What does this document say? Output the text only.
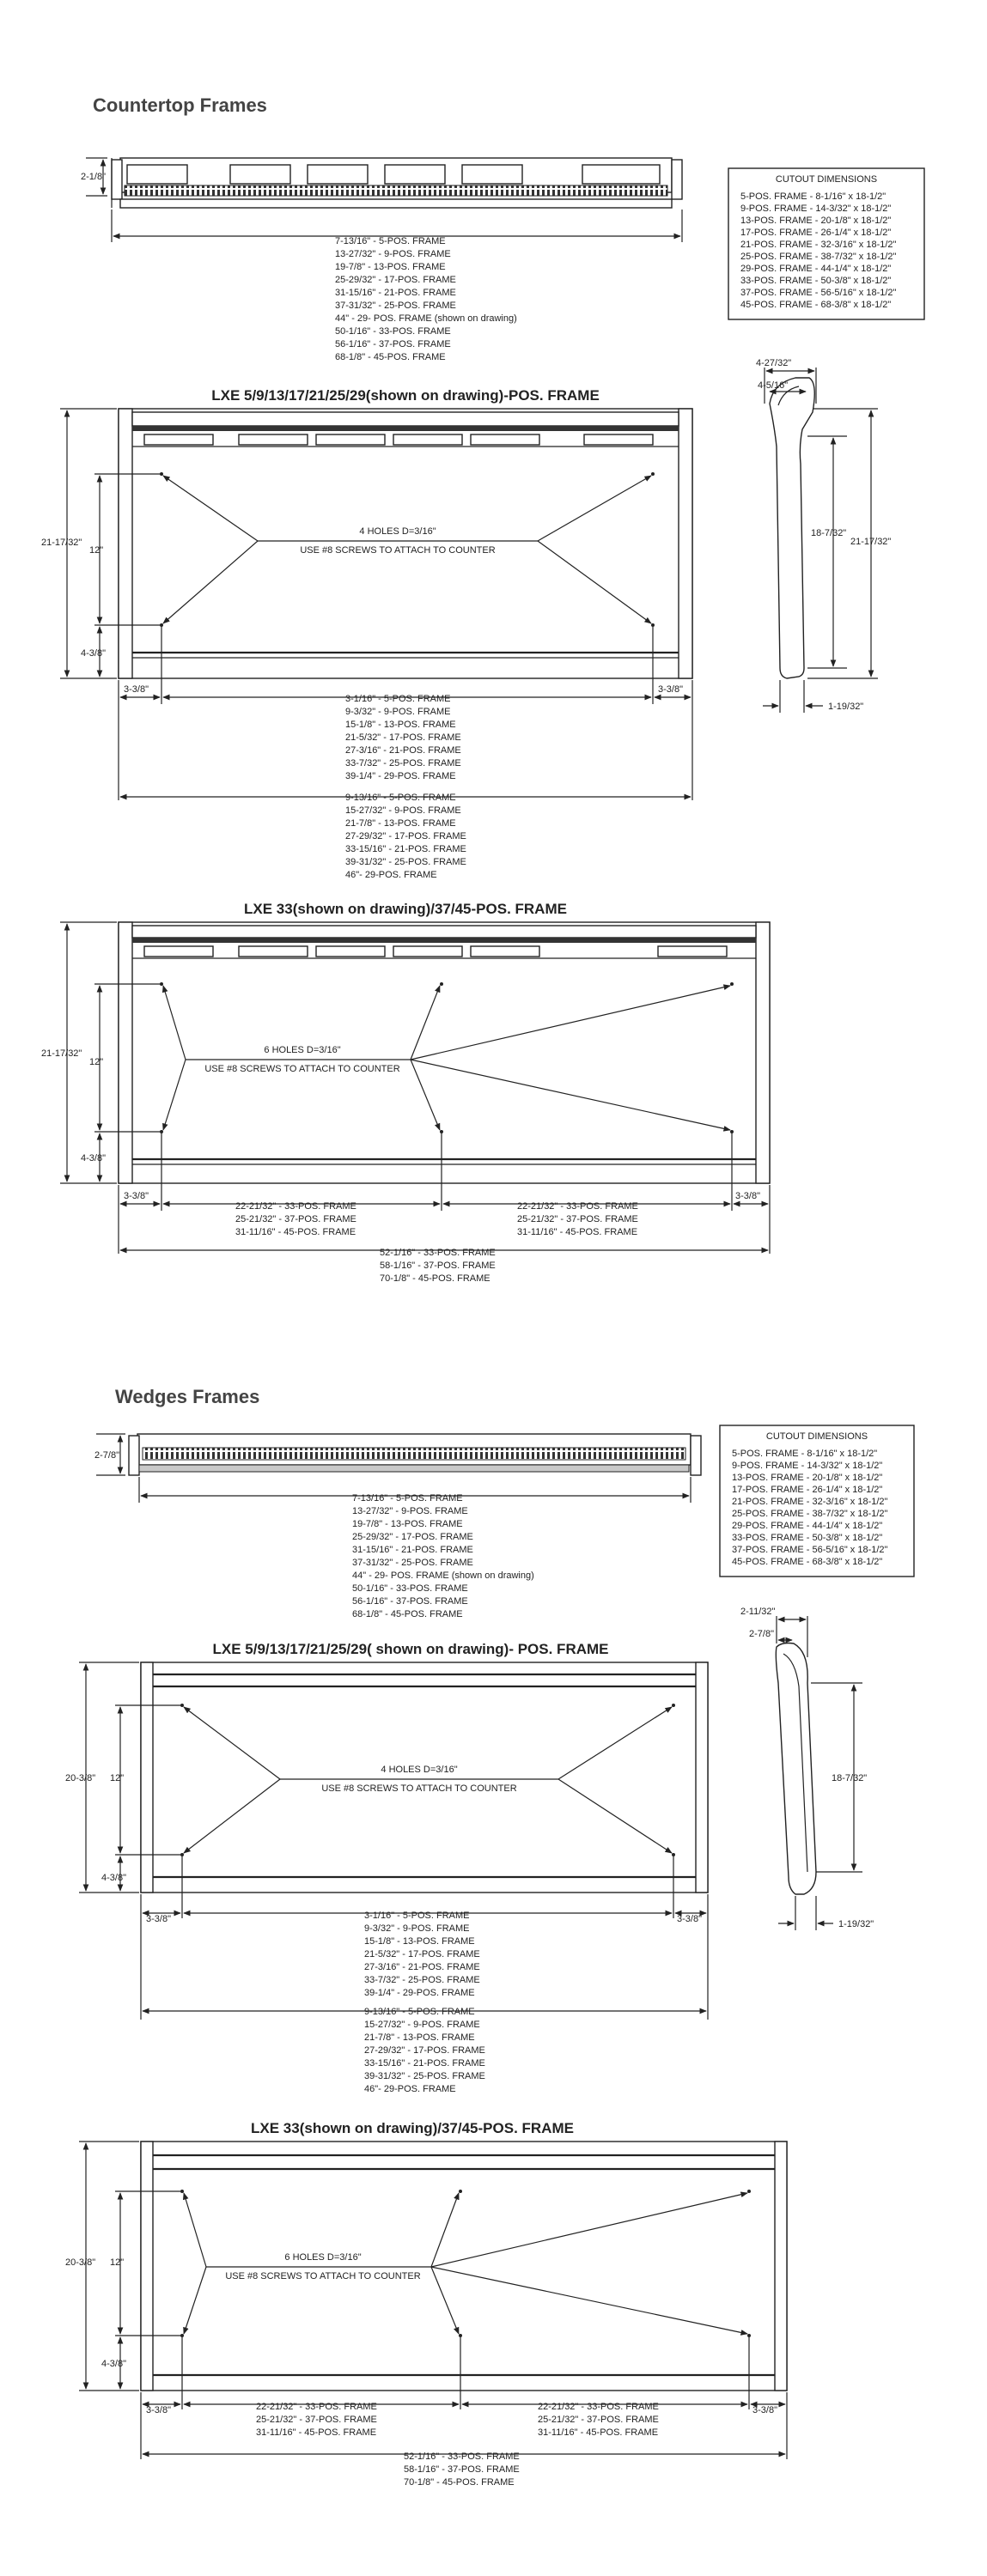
Countertop Frames
2-1/8"
7-13/16" - 5-POS. FRAME
13-27/32" - 9-POS. FRAME
19-7/8" - 13-POS. FRAME
25-29/32" - 17-POS. FRAME
31-15/16" - 21-POS. FRAME
37-31/32" - 25-POS. FRAME
44" - 29- POS. FRAME (shown on drawing)
50-1/16" - 33-POS. FRAME
56-1/16" - 37-POS. FRAME
68-1/8" - 45-POS. FRAME
CUTOUT DIMENSIONS
5-POS. FRAME - 8-1/16" x 18-1/2"
9-POS. FRAME - 14-3/32" x 18-1/2"
13-POS. FRAME - 20-1/8" x 18-1/2"
17-POS. FRAME - 26-1/4" x 18-1/2"
21-POS. FRAME - 32-3/16" x 18-1/2"
25-POS. FRAME - 38-7/32" x 18-1/2"
29-POS. FRAME - 44-1/4" x 18-1/2"
33-POS. FRAME - 50-3/8" x 18-1/2"
37-POS. FRAME - 56-5/16" x 18-1/2"
45-POS. FRAME - 68-3/8" x 18-1/2"
LXE 5/9/13/17/21/25/29(shown on drawing)-POS. FRAME
4 HOLES D=3/16"
USE #8 SCREWS TO ATTACH TO COUNTER
21-17/32"
12"
4-3/8"
3-3/8"	3-3/8"
3-1/16" - 5-POS. FRAME
9-3/32" - 9-POS. FRAME
15-1/8" - 13-POS. FRAME
21-5/32" - 17-POS. FRAME
27-3/16" - 21-POS. FRAME
33-7/32" - 25-POS. FRAME
39-1/4" - 29-POS. FRAME
9-13/16" - 5-POS. FRAME
15-27/32" - 9-POS. FRAME
21-7/8" - 13-POS. FRAME
27-29/32" - 17-POS. FRAME
33-15/16" - 21-POS. FRAME
39-31/32" - 25-POS. FRAME
46"- 29-POS. FRAME
4-27/32"
4-5/16"
18-7/32"
21-17/32"
1-19/32"
LXE 33(shown on drawing)/37/45-POS. FRAME
6 HOLES D=3/16"
USE #8 SCREWS TO ATTACH TO COUNTER
21-17/32"
12"
4-3/8"
3-3/8"	3-3/8"
22-21/32" - 33-POS. FRAME
25-21/32" - 37-POS. FRAME
31-11/16" - 45-POS. FRAME
22-21/32" - 33-POS. FRAME
25-21/32" - 37-POS. FRAME
31-11/16" - 45-POS. FRAME
52-1/16" - 33-POS. FRAME
58-1/16" - 37-POS. FRAME
70-1/8" - 45-POS. FRAME
Wedges Frames
2-7/8"
7-13/16" - 5-POS. FRAME
13-27/32" - 9-POS. FRAME
19-7/8" - 13-POS. FRAME
25-29/32" - 17-POS. FRAME
31-15/16" - 21-POS. FRAME
37-31/32" - 25-POS. FRAME
44" - 29- POS. FRAME (shown on drawing)
50-1/16" - 33-POS. FRAME
56-1/16" - 37-POS. FRAME
68-1/8" - 45-POS. FRAME
CUTOUT DIMENSIONS
5-POS. FRAME - 8-1/16" x 18-1/2"
9-POS. FRAME - 14-3/32" x 18-1/2"
13-POS. FRAME - 20-1/8" x 18-1/2"
17-POS. FRAME - 26-1/4" x 18-1/2"
21-POS. FRAME - 32-3/16" x 18-1/2"
25-POS. FRAME - 38-7/32" x 18-1/2"
29-POS. FRAME - 44-1/4" x 18-1/2"
33-POS. FRAME - 50-3/8" x 18-1/2"
37-POS. FRAME - 56-5/16" x 18-1/2"
45-POS. FRAME - 68-3/8" x 18-1/2"
LXE 5/9/13/17/21/25/29( shown on drawing)- POS. FRAME
4 HOLES D=3/16"
USE #8 SCREWS TO ATTACH TO COUNTER
20-3/8" 12"
4-3/8"
3-3/8"	3-3/8"
3-1/16" - 5-POS. FRAME
9-3/32" - 9-POS. FRAME
15-1/8" - 13-POS. FRAME
21-5/32" - 17-POS. FRAME
27-3/16" - 21-POS. FRAME
33-7/32" - 25-POS. FRAME
39-1/4" - 29-POS. FRAME
9-13/16" - 5-POS. FRAME
15-27/32" - 9-POS. FRAME
21-7/8" - 13-POS. FRAME
27-29/32" - 17-POS. FRAME
33-15/16" - 21-POS. FRAME
39-31/32" - 25-POS. FRAME
46"- 29-POS. FRAME
2-11/32"
2-7/8"
18-7/32"
1-19/32"
LXE 33(shown on drawing)/37/45-POS. FRAME
6 HOLES D=3/16"
USE #8 SCREWS TO ATTACH TO COUNTER
20-3/8" 12"
4-3/8"
3-3/8"	3-3/8"
22-21/32" - 33-POS. FRAME
25-21/32" - 37-POS. FRAME
31-11/16" - 45-POS. FRAME
22-21/32" - 33-POS. FRAME
25-21/32" - 37-POS. FRAME
31-11/16" - 45-POS. FRAME
52-1/16" - 33-POS. FRAME
58-1/16" - 37-POS. FRAME
70-1/8" - 45-POS. FRAME
